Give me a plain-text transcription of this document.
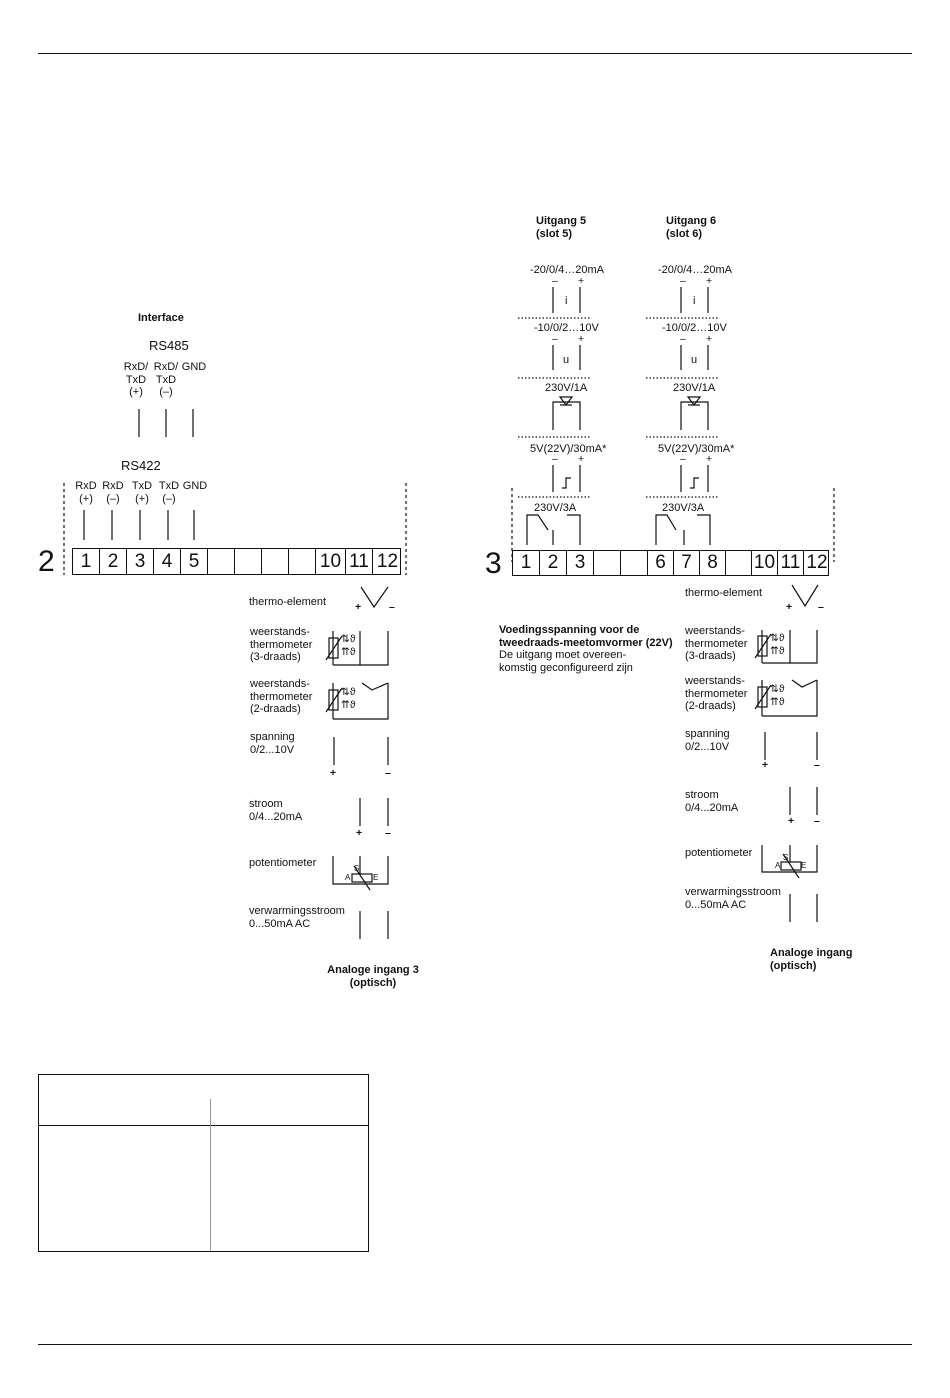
Interface
RS485
RxD/
TxD
(+)
RxD/
TxD
(–)
GND
RS422
RxD
(+)
RxD
(–)
TxD
(+)
TxD
(–)
GND
2	1 2 3 4 5	10 11 12
thermo-element
weerstands-
thermometer
(3-draads)
weerstands-
thermometer
(2-draads)
spanning
0/2...10V
stroom
0/4...20mA
potentiometer
verwarmingsstroom
0...50mA AC
+	–
+	–
+ –
⇅ϑ
⇈ϑ
⇅ϑ
⇈ϑ
S
A	E
Analoge ingang 3
(optisch)
Uitgang 5
(slot 5)
Uitgang 6
(slot 6)
-20/0/4…20mA
-10/0/2…10V
230V/1A
5V(22V)/30mA*
230V/3A
i
u
-20/0/4…20mA
-10/0/2…10V
230V/1A
5V(22V)/30mA*
230V/3A
i
u
– +
– +
– +
– +
– +
– +
3	1 2 3	6 7 8	10 11 12
Voedingsspanning voor de
tweedraads-meetomvormer (22V)
De uitgang moet overeen-
komstig geconfigureerd zijn
thermo-element
weerstands-
thermometer
(3-draads)
weerstands-
thermometer
(2-draads)
spanning
0/2...10V
stroom
0/4...20mA
potentiometer
verwarmingsstroom
0...50mA AC
+ –
+	–
+ –
⇅ϑ
⇈ϑ
⇅ϑ
⇈ϑ
S
A	E
Analoge ingang
(optisch)
